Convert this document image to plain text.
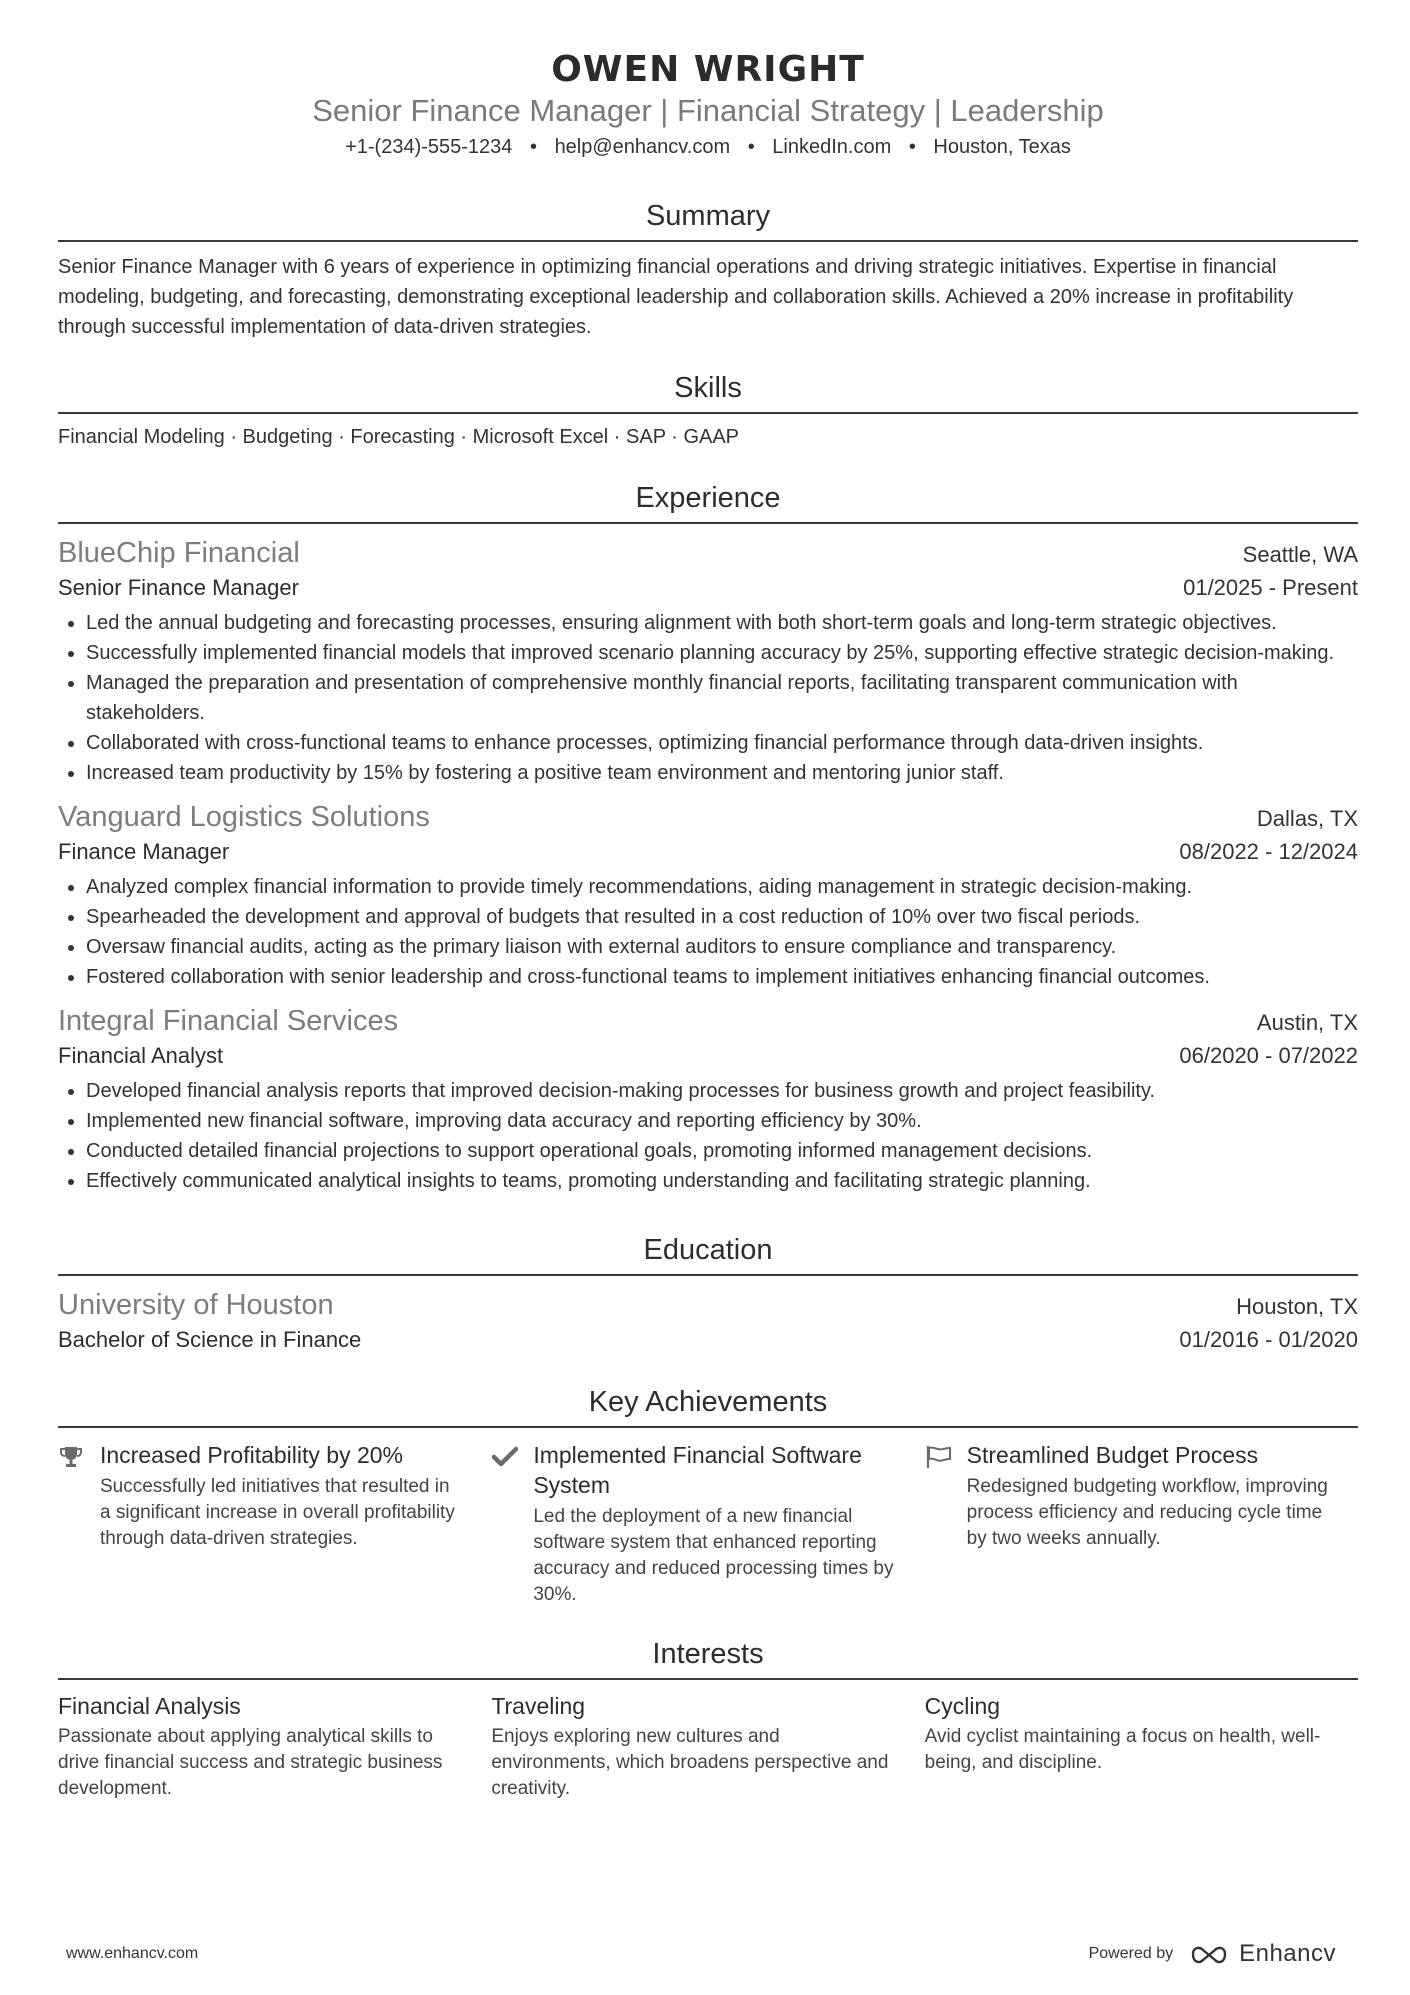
OWEN WRIGHT
Senior Finance Manager | Financial Strategy | Leadership
+1-(234)-555-1234 • help@enhancv.com • LinkedIn.com • Houston, Texas
Summary
Senior Finance Manager with 6 years of experience in optimizing financial operations and driving strategic initiatives. Expertise in financial modeling, budgeting, and forecasting, demonstrating exceptional leadership and collaboration skills. Achieved a 20% increase in profitability through successful implementation of data-driven strategies.
Skills
Financial Modeling · Budgeting · Forecasting · Microsoft Excel · SAP · GAAP
Experience
BlueChip Financial	Seattle, WA
Senior Finance Manager	01/2025 - Present
• Led the annual budgeting and forecasting processes, ensuring alignment with both short-term goals and long-term strategic objectives.
• Successfully implemented financial models that improved scenario planning accuracy by 25%, supporting effective strategic decision-making.
• Managed the preparation and presentation of comprehensive monthly financial reports, facilitating transparent communication with stakeholders.
• Collaborated with cross-functional teams to enhance processes, optimizing financial performance through data-driven insights.
• Increased team productivity by 15% by fostering a positive team environment and mentoring junior staff.
Vanguard Logistics Solutions	Dallas, TX
Finance Manager	08/2022 - 12/2024
• Analyzed complex financial information to provide timely recommendations, aiding management in strategic decision-making.
• Spearheaded the development and approval of budgets that resulted in a cost reduction of 10% over two fiscal periods.
• Oversaw financial audits, acting as the primary liaison with external auditors to ensure compliance and transparency.
• Fostered collaboration with senior leadership and cross-functional teams to implement initiatives enhancing financial outcomes.
Integral Financial Services	Austin, TX
Financial Analyst	06/2020 - 07/2022
• Developed financial analysis reports that improved decision-making processes for business growth and project feasibility.
• Implemented new financial software, improving data accuracy and reporting efficiency by 30%.
• Conducted detailed financial projections to support operational goals, promoting informed management decisions.
• Effectively communicated analytical insights to teams, promoting understanding and facilitating strategic planning.
Education
University of Houston	Houston, TX
Bachelor of Science in Finance	01/2016 - 01/2020
Key Achievements
Increased Profitability by 20%
Successfully led initiatives that resulted in a significant increase in overall profitability through data-driven strategies.
Implemented Financial Software System
Led the deployment of a new financial software system that enhanced reporting accuracy and reduced processing times by 30%.
Streamlined Budget Process
Redesigned budgeting workflow, improving process efficiency and reducing cycle time by two weeks annually.
Interests
Financial Analysis
Passionate about applying analytical skills to drive financial success and strategic business development.
Traveling
Enjoys exploring new cultures and environments, which broadens perspective and creativity.
Cycling
Avid cyclist maintaining a focus on health, well-being, and discipline.
www.enhancv.com	Powered by	Enhancv
